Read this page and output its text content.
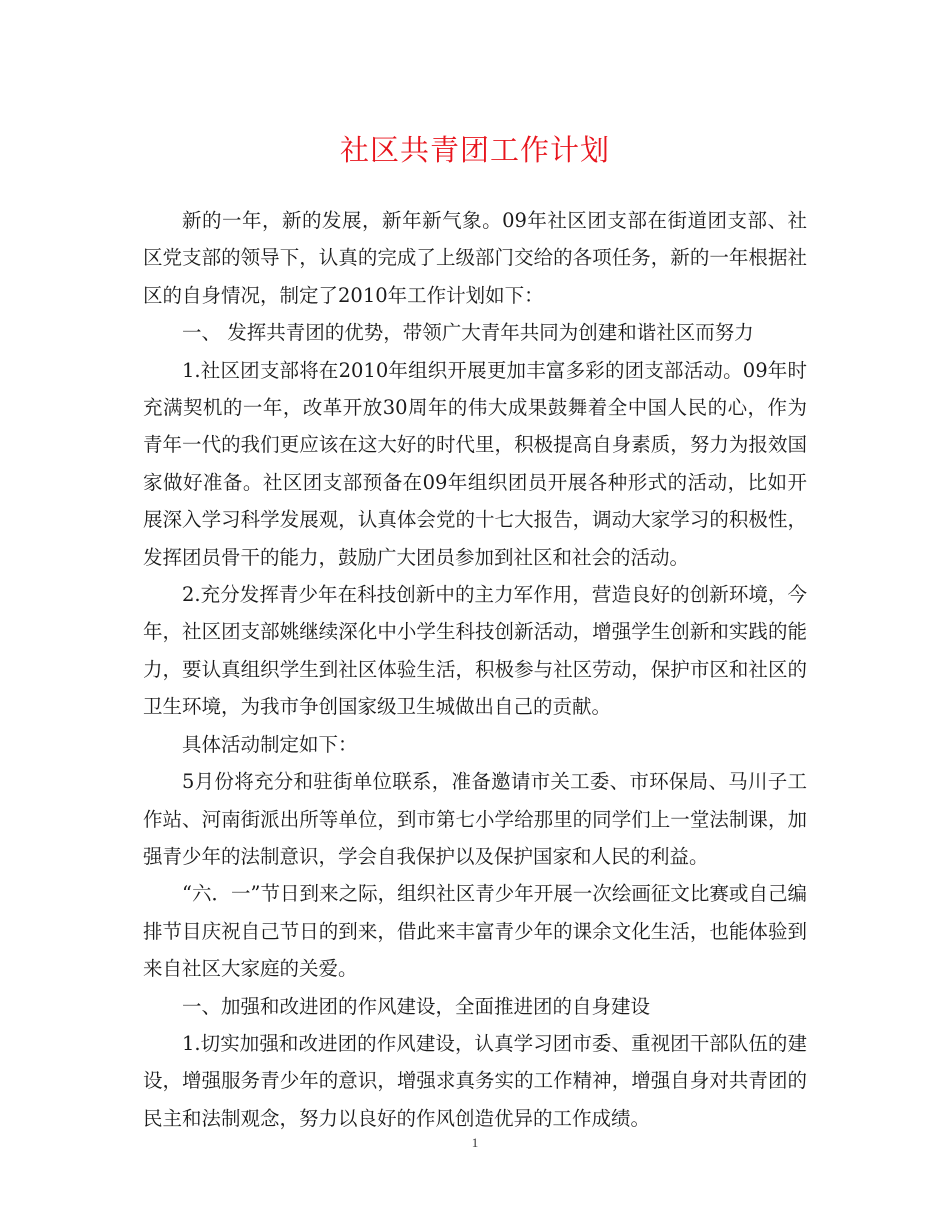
社区共青团工作计划

新的一年，新的发展，新年新气象。09年社区团支部在街道团支部、社区党支部的领导下，认真的完成了上级部门交给的各项任务，新的一年根据社区的自身情况，制定了2010年工作计划如下：

一、 发挥共青团的优势，带领广大青年共同为创建和谐社区而努力

1.社区团支部将在2010年组织开展更加丰富多彩的团支部活动。09年时充满契机的一年，改革开放30周年的伟大成果鼓舞着全中国人民的心，作为青年一代的我们更应该在这大好的时代里，积极提高自身素质，努力为报效国家做好准备。社区团支部预备在09年组织团员开展各种形式的活动，比如开展深入学习科学发展观，认真体会党的十七大报告，调动大家学习的积极性，发挥团员骨干的能力，鼓励广大团员参加到社区和社会的活动。

2.充分发挥青少年在科技创新中的主力军作用，营造良好的创新环境，今年，社区团支部姚继续深化中小学生科技创新活动，增强学生创新和实践的能力，要认真组织学生到社区体验生活，积极参与社区劳动，保护市区和社区的卫生环境，为我市争创国家级卫生城做出自己的贡献。

具体活动制定如下：

5月份将充分和驻街单位联系，准备邀请市关工委、市环保局、马川子工作站、河南街派出所等单位，到市第七小学给那里的同学们上一堂法制课，加强青少年的法制意识，学会自我保护以及保护国家和人民的利益。

“六．一”节日到来之际，组织社区青少年开展一次绘画征文比赛或自己编排节目庆祝自己节日的到来，借此来丰富青少年的课余文化生活，也能体验到来自社区大家庭的关爱。

一、加强和改进团的作风建设，全面推进团的自身建设

1.切实加强和改进团的作风建设，认真学习团市委、重视团干部队伍的建设，增强服务青少年的意识，增强求真务实的工作精神，增强自身对共青团的民主和法制观念，努力以良好的作风创造优异的工作成绩。

1
